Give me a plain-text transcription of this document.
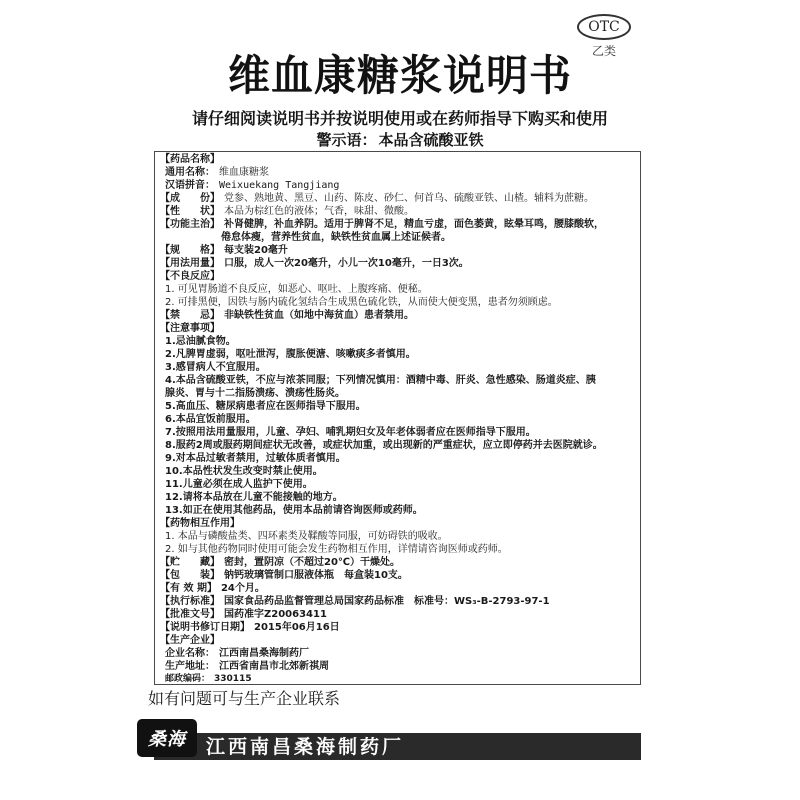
OTC
乙类
维血康糖浆说明书
请仔细阅读说明书并按说明使用或在药师指导下购买和使用
警示语： 本品含硫酸亚铁
【药品名称】
通用名称： 维血康糖浆
汉语拼音： Weixuekang Tangjiang
【成　　份】 党参、熟地黄、黑豆、山药、陈皮、砂仁、何首乌、硫酸亚铁、山楂。辅料为蔗糖。
【性　　状】 本品为棕红色的液体；气香，味甜、微酸。
【功能主治】 补肾健脾，补血养阴。适用于脾肾不足，精血亏虚，面色萎黄，眩晕耳鸣，腰膝酸软，
倦怠体瘦，营养性贫血，缺铁性贫血属上述证候者。
【规　　格】 每支装20毫升
【用法用量】 口服，成人一次20毫升，小儿一次10毫升，一日3次。
【不良反应】
1. 可见胃肠道不良反应，如恶心、呕吐、上腹疼痛、便秘。
2. 可排黑便，因铁与肠内硫化氢结合生成黑色硫化铁，从而使大便变黑，患者勿须顾虑。
【禁　　忌】 非缺铁性贫血（如地中海贫血）患者禁用。
【注意事项】
1.忌油腻食物。
2.凡脾胃虚弱，呕吐泄泻，腹胀便溏、咳嗽痰多者慎用。
3.感冒病人不宜服用。
4.本品含硫酸亚铁，不应与浓茶同服；下列情况慎用：酒精中毒、肝炎、急性感染、肠道炎症、胰
腺炎、胃与十二指肠溃疡、溃疡性肠炎。
5.高血压、糖尿病患者应在医师指导下服用。
6.本品宜饭前服用。
7.按照用法用量服用，儿童、孕妇、哺乳期妇女及年老体弱者应在医师指导下服用。
8.服药2周或服药期间症状无改善，或症状加重，或出现新的严重症状，应立即停药并去医院就诊。
9.对本品过敏者禁用，过敏体质者慎用。
10.本品性状发生改变时禁止使用。
11.儿童必须在成人监护下使用。
12.请将本品放在儿童不能接触的地方。
13.如正在使用其他药品，使用本品前请咨询医师或药师。
【药物相互作用】
1. 本品与磷酸盐类、四环素类及鞣酸等同服，可妨碍铁的吸收。
2. 如与其他药物同时使用可能会发生药物相互作用，详情请咨询医师或药师。
【贮　　藏】 密封，置阴凉（不超过20℃）干燥处。
【包　　装】 钠钙玻璃管制口服液体瓶　每盒装10支。
【有 效 期】 24个月。
【执行标准】 国家食品药品监督管理总局国家药品标准　标准号：WS₃-B-2793-97-1
【批准文号】 国药准字Z20063411
【说明书修订日期】 2015年06月16日
【生产企业】
企业名称： 江西南昌桑海制药厂
生产地址： 江西省南昌市北郊新祺周
邮政编码： 330115
如有问题可与生产企业联系
桑海 江西南昌桑海制药厂
